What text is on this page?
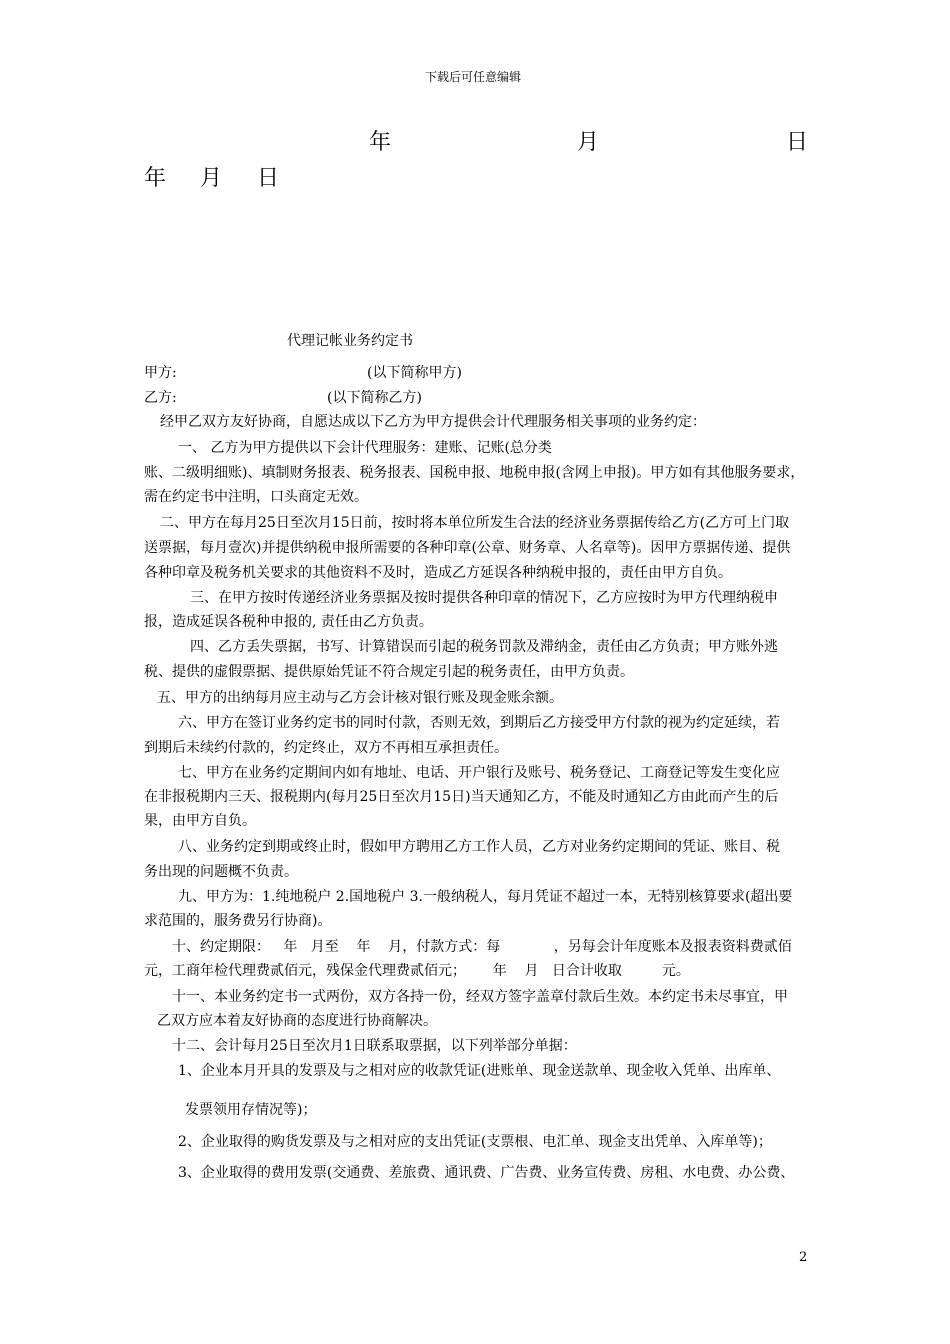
下载后可任意编辑
年	月	日
年 月 日
代理记帐业务约定书
甲方:	(以下简称甲方)
乙方:	(以下简称乙方)
经甲乙双方友好协商，自愿达成以下乙方为甲方提供会计代理服务相关事项的业务约定：
一、 乙方为甲方提供以下会计代理服务：建账、记账(总分类
账、二级明细账)、填制财务报表、税务报表、国税申报、地税申报(含网上申报)。甲方如有其他服务要求，
需在约定书中注明，口头商定无效。
二、甲方在每月25日至次月15日前，按时将本单位所发生合法的经济业务票据传给乙方(乙方可上门取
送票据，每月壹次)并提供纳税申报所需要的各种印章(公章、财务章、人名章等)。因甲方票据传递、提供
各种印章及税务机关要求的其他资料不及时，造成乙方延误各种纳税申报的，责任由甲方自负。
三、在甲方按时传递经济业务票据及按时提供各种印章的情况下，乙方应按时为甲方代理纳税申
报，造成延误各税种申报的, 责任由乙方负责。
四、乙方丢失票据，书写、计算错误而引起的税务罚款及滞纳金，责任由乙方负责；甲方账外逃
税、提供的虚假票据、提供原始凭证不符合规定引起的税务责任，由甲方负责。
五、甲方的出纳每月应主动与乙方会计核对银行账及现金账余额。
六、甲方在签订业务约定书的同时付款，否则无效，到期后乙方接受甲方付款的视为约定延续，若
到期后未续约付款的，约定终止，双方不再相互承担责任。
七、甲方在业务约定期间内如有地址、电话、开户银行及账号、税务登记、工商登记等发生变化应
在非报税期内三天、报税期内(每月25日至次月15日)当天通知乙方，不能及时通知乙方由此而产生的后
果，由甲方自负。
八、业务约定到期或终止时，假如甲方聘用乙方工作人员，乙方对业务约定期间的凭证、账目、税
务出现的问题概不负责。
九、甲方为：1.纯地税户 2.国地税户 3.一般纳税人，每月凭证不超过一本，无特别核算要求(超出要
求范围的，服务费另行协商)。
十、约定期限：   年   月至    年    月，付款方式：每            ，另每会计年度账本及报表资料费贰佰
元，工商年检代理费贰佰元，残保金代理费贰佰元；      年    月   日合计收取         元。
十一、本业务约定书一式两份，双方各持一份，经双方签字盖章付款后生效。本约定书未尽事宜，甲
乙双方应本着友好协商的态度进行协商解决。
十二、会计每月25日至次月1日联系取票据，以下列举部分单据：
1、企业本月开具的发票及与之相对应的收款凭证(进账单、现金送款单、现金收入凭单、出库单、
发票领用存情况等)；
2、企业取得的购货发票及与之相对应的支出凭证(支票根、电汇单、现金支出凭单、入库单等)；
3、企业取得的费用发票(交通费、差旅费、通讯费、广告费、业务宣传费、房租、水电费、办公费、
2
